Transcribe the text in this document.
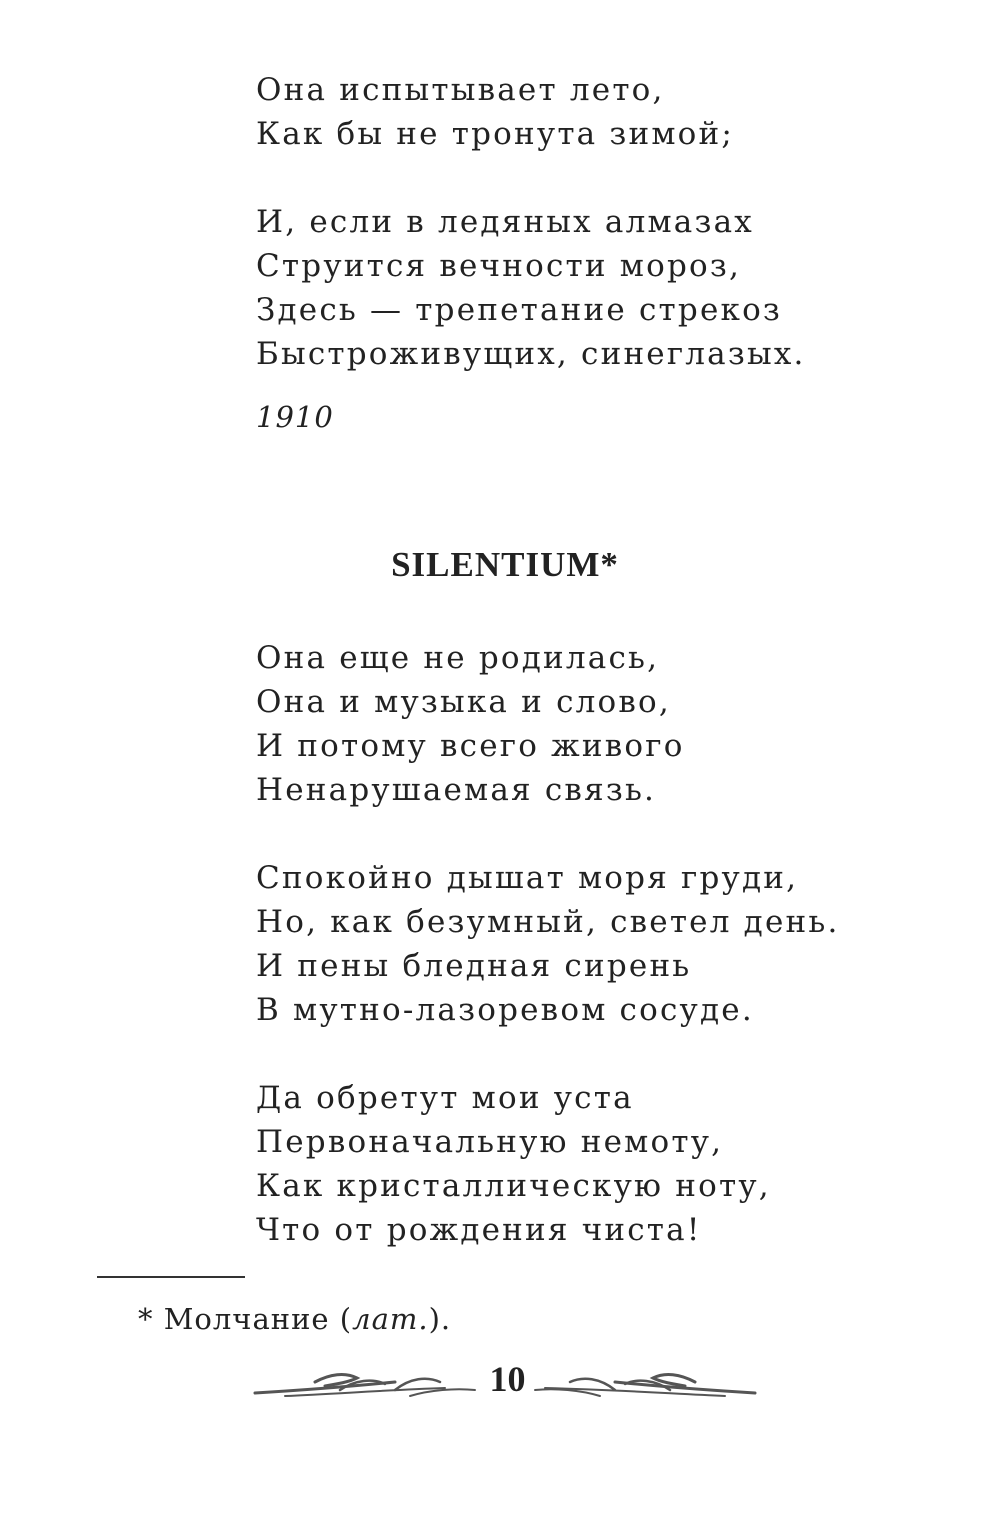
Она испытывает лето,
Как бы не тронута зимой;
И, если в ледяных алмазах
Струится вечности мороз,
Здесь — трепетание стрекоз
Быстроживущих, синеглазых.
1910
SILENTIUM*
Она еще не родилась,
Она и музыка и слово,
И потому всего живого
Ненарушаемая связь.
Спокойно дышат моря груди,
Но, как безумный, светел день.
И пены бледная сирень
В мутно-лазоревом сосуде.
Да обретут мои уста
Первоначальную немоту,
Как кристаллическую ноту,
Что от рождения чиста!
* Молчание (лат.).
10
